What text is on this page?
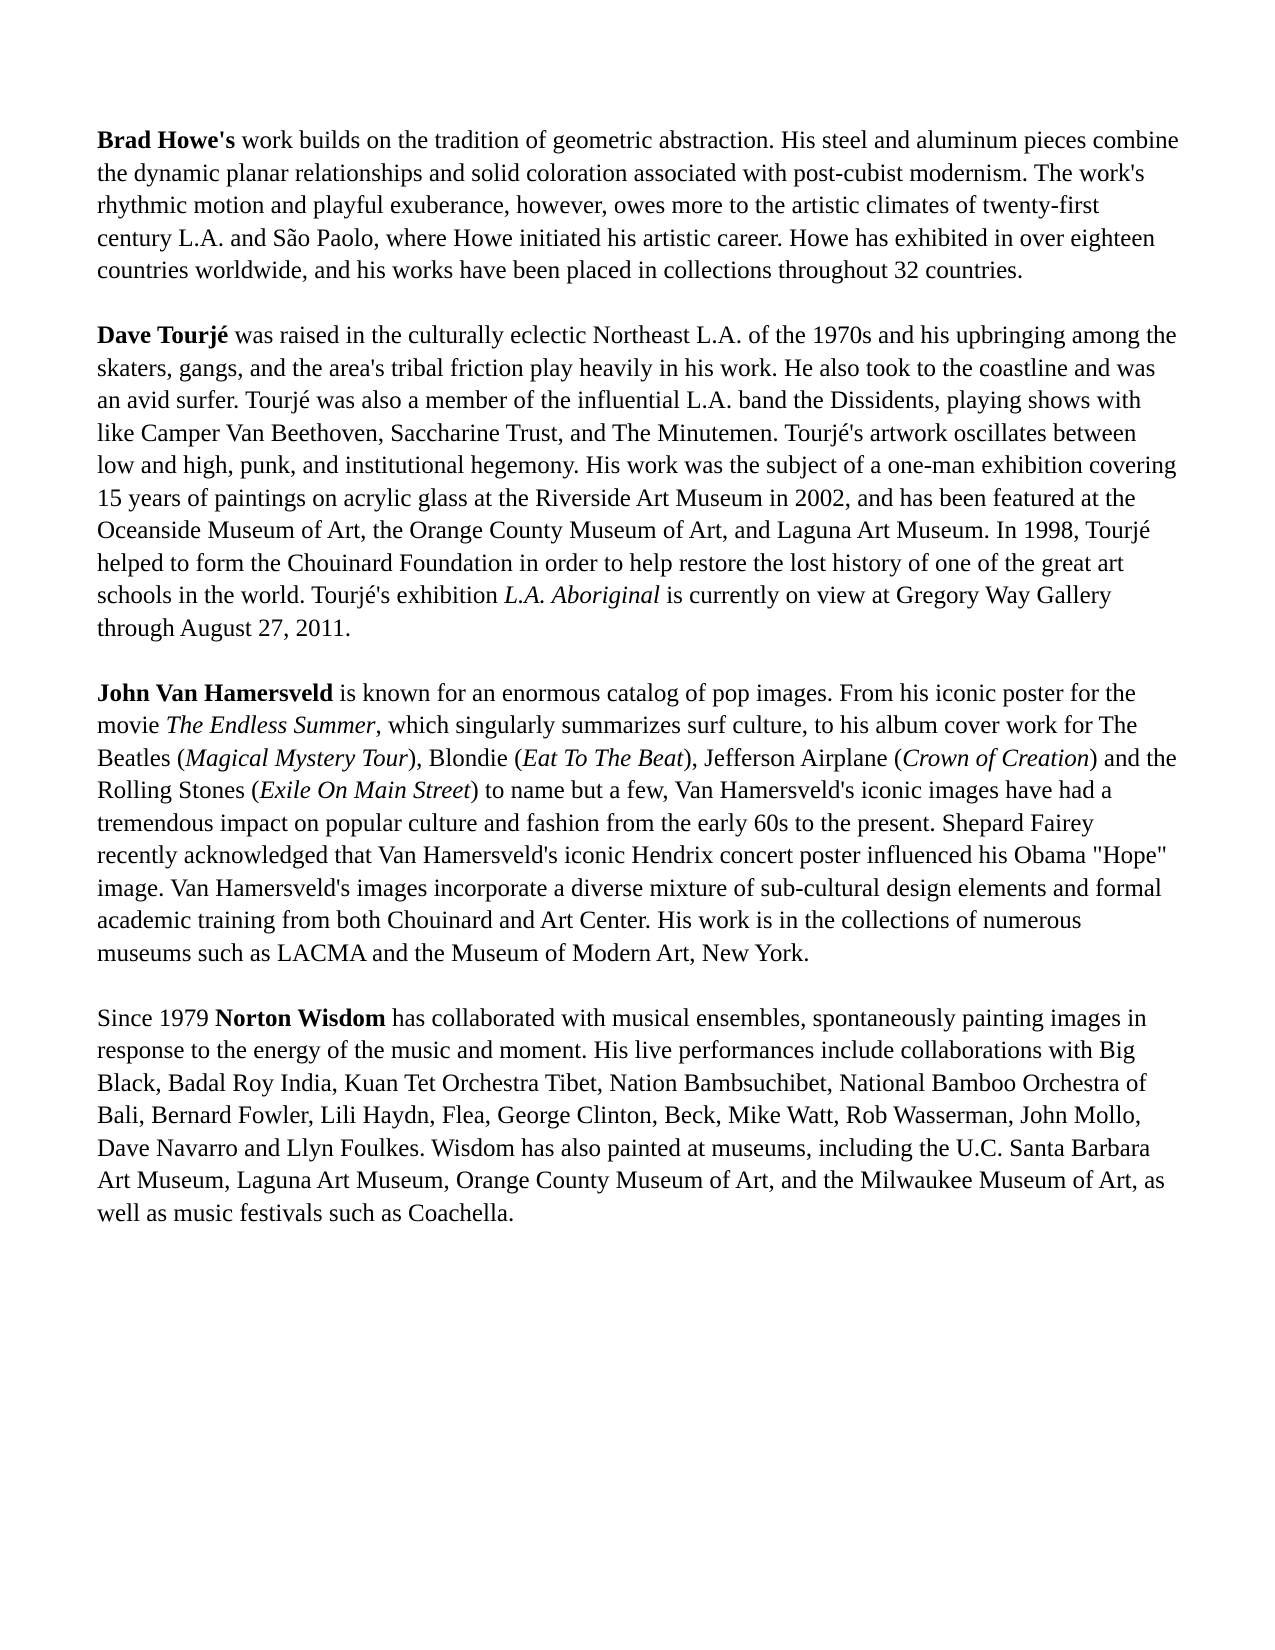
Brad Howe's work builds on the tradition of geometric abstraction. His steel and aluminum pieces combine the dynamic planar relationships and solid coloration associated with post-cubist modernism. The work's rhythmic motion and playful exuberance, however, owes more to the artistic climates of twenty-first century L.A. and São Paolo, where Howe initiated his artistic career. Howe has exhibited in over eighteen countries worldwide, and his works have been placed in collections throughout 32 countries.

Dave Tourjé was raised in the culturally eclectic Northeast L.A. of the 1970s and his upbringing among the skaters, gangs, and the area's tribal friction play heavily in his work. He also took to the coastline and was an avid surfer. Tourjé was also a member of the influential L.A. band the Dissidents, playing shows with like Camper Van Beethoven, Saccharine Trust, and The Minutemen. Tourjé's artwork oscillates between low and high, punk, and institutional hegemony. His work was the subject of a one-man exhibition covering 15 years of paintings on acrylic glass at the Riverside Art Museum in 2002, and has been featured at the Oceanside Museum of Art, the Orange County Museum of Art, and Laguna Art Museum. In 1998, Tourjé helped to form the Chouinard Foundation in order to help restore the lost history of one of the great art schools in the world. Tourjé's exhibition L.A. Aboriginal is currently on view at Gregory Way Gallery through August 27, 2011.

John Van Hamersveld is known for an enormous catalog of pop images. From his iconic poster for the movie The Endless Summer, which singularly summarizes surf culture, to his album cover work for The Beatles (Magical Mystery Tour), Blondie (Eat To The Beat), Jefferson Airplane (Crown of Creation) and the Rolling Stones (Exile On Main Street) to name but a few, Van Hamersveld's iconic images have had a tremendous impact on popular culture and fashion from the early 60s to the present. Shepard Fairey recently acknowledged that Van Hamersveld's iconic Hendrix concert poster influenced his Obama "Hope" image. Van Hamersveld's images incorporate a diverse mixture of sub-cultural design elements and formal academic training from both Chouinard and Art Center. His work is in the collections of numerous museums such as LACMA and the Museum of Modern Art, New York.

Since 1979 Norton Wisdom has collaborated with musical ensembles, spontaneously painting images in response to the energy of the music and moment. His live performances include collaborations with Big Black, Badal Roy India, Kuan Tet Orchestra Tibet, Nation Bambsuchibet, National Bamboo Orchestra of Bali, Bernard Fowler, Lili Haydn, Flea, George Clinton, Beck, Mike Watt, Rob Wasserman, John Mollo, Dave Navarro and Llyn Foulkes. Wisdom has also painted at museums, including the U.C. Santa Barbara Art Museum, Laguna Art Museum, Orange County Museum of Art, and the Milwaukee Museum of Art, as well as music festivals such as Coachella.
